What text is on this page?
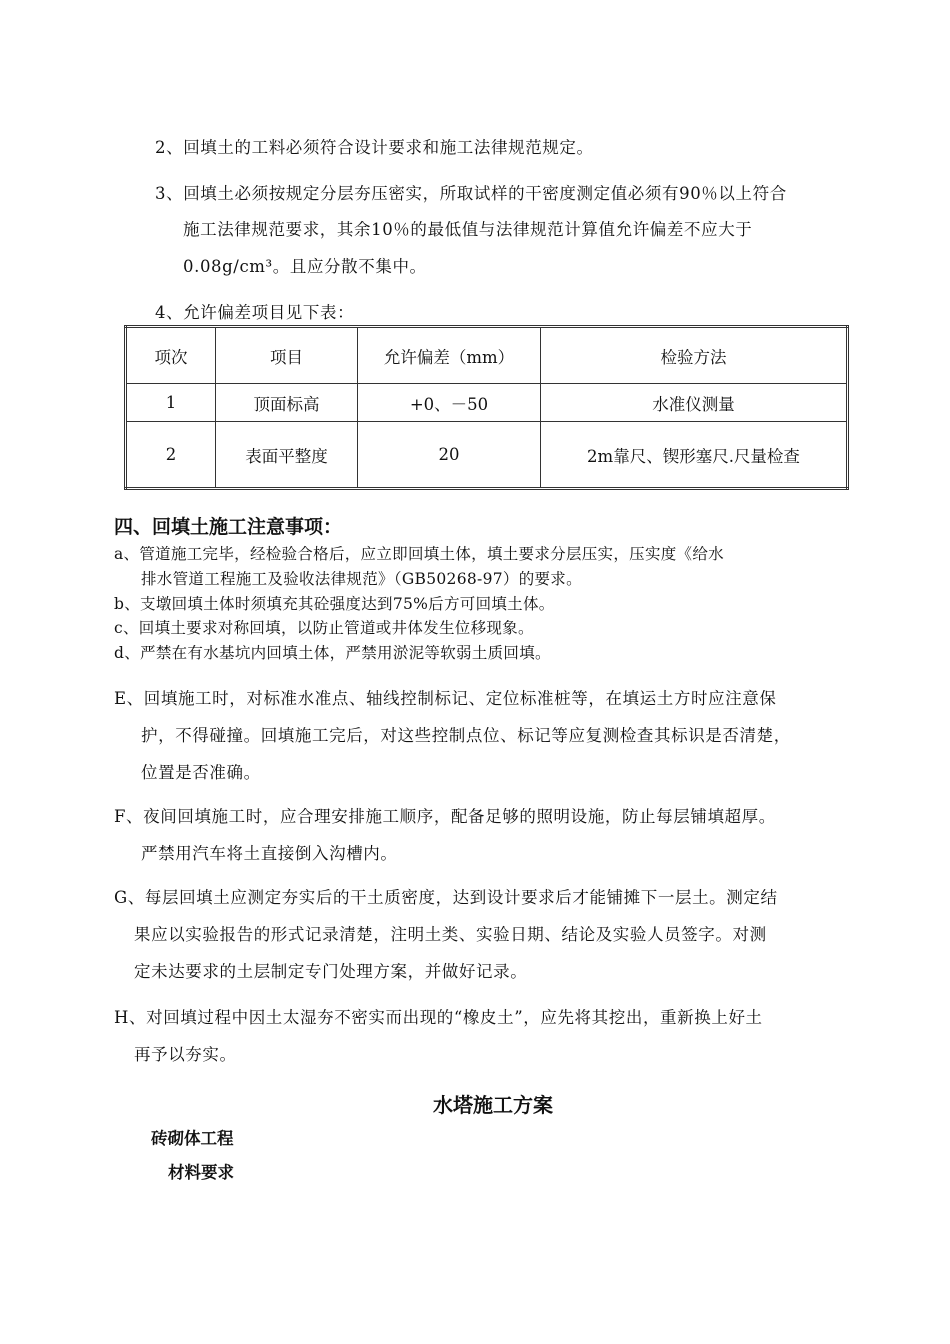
2、回填土的工料必须符合设计要求和施工法律规范规定。
3、回填土必须按规定分层夯压密实，所取试样的干密度测定值必须有90％以上符合
施工法律规范要求，其余10％的最低值与法律规范计算值允许偏差不应大于
0.08g/cm³。且应分散不集中。
4、允许偏差项目见下表：
项次	项目	允许偏差（mm）	检验方法
1	顶面标高	+0、－50	水准仪测量
2	表面平整度	20	2m靠尺、锲形塞尺.尺量检查
四、回填土施工注意事项：
a、管道施工完毕，经检验合格后，应立即回填土体，填土要求分层压实，压实度《给水
排水管道工程施工及验收法律规范》（GB50268-97）的要求。
b、支墩回填土体时须填充其砼强度达到75%后方可回填土体。
c、回填土要求对称回填，以防止管道或井体发生位移现象。
d、严禁在有水基坑内回填土体，严禁用淤泥等软弱土质回填。
E、回填施工时，对标准水准点、轴线控制标记、定位标准桩等，在填运土方时应注意保
护，不得碰撞。回填施工完后，对这些控制点位、标记等应复测检查其标识是否清楚，
位置是否准确。
F、夜间回填施工时，应合理安排施工顺序，配备足够的照明设施，防止每层铺填超厚。
严禁用汽车将土直接倒入沟槽内。
G、每层回填土应测定夯实后的干土质密度，达到设计要求后才能铺摊下一层土。测定结
果应以实验报告的形式记录清楚，注明土类、实验日期、结论及实验人员签字。对测
定未达要求的土层制定专门处理方案，并做好记录。
H、对回填过程中因土太湿夯不密实而出现的“橡皮土”，应先将其挖出，重新换上好土
再予以夯实。
水塔施工方案
砖砌体工程
材料要求
